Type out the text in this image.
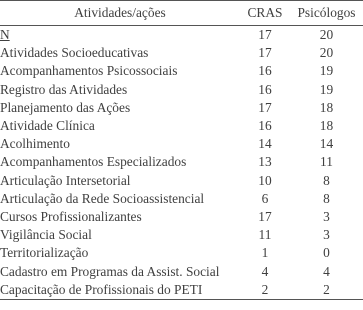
Atividades/ações	CRAS	Psicólogos
N	17	20
Atividades Socioeducativas	17	20
Acompanhamentos Psicossociais	16	19
Registro das Atividades	16	19
Planejamento das Ações	17	18
Atividade Clínica	16	18
Acolhimento	14	14
Acompanhamentos Especializados	13	11
Articulação Intersetorial	10	8
Articulação da Rede Socioassistencial	6	8
Cursos Profissionalizantes	17	3
Vigilância Social	11	3
Territorialização	1	0
Cadastro em Programas da Assist. Social	4	4
Capacitação de Profissionais do PETI	2	2
